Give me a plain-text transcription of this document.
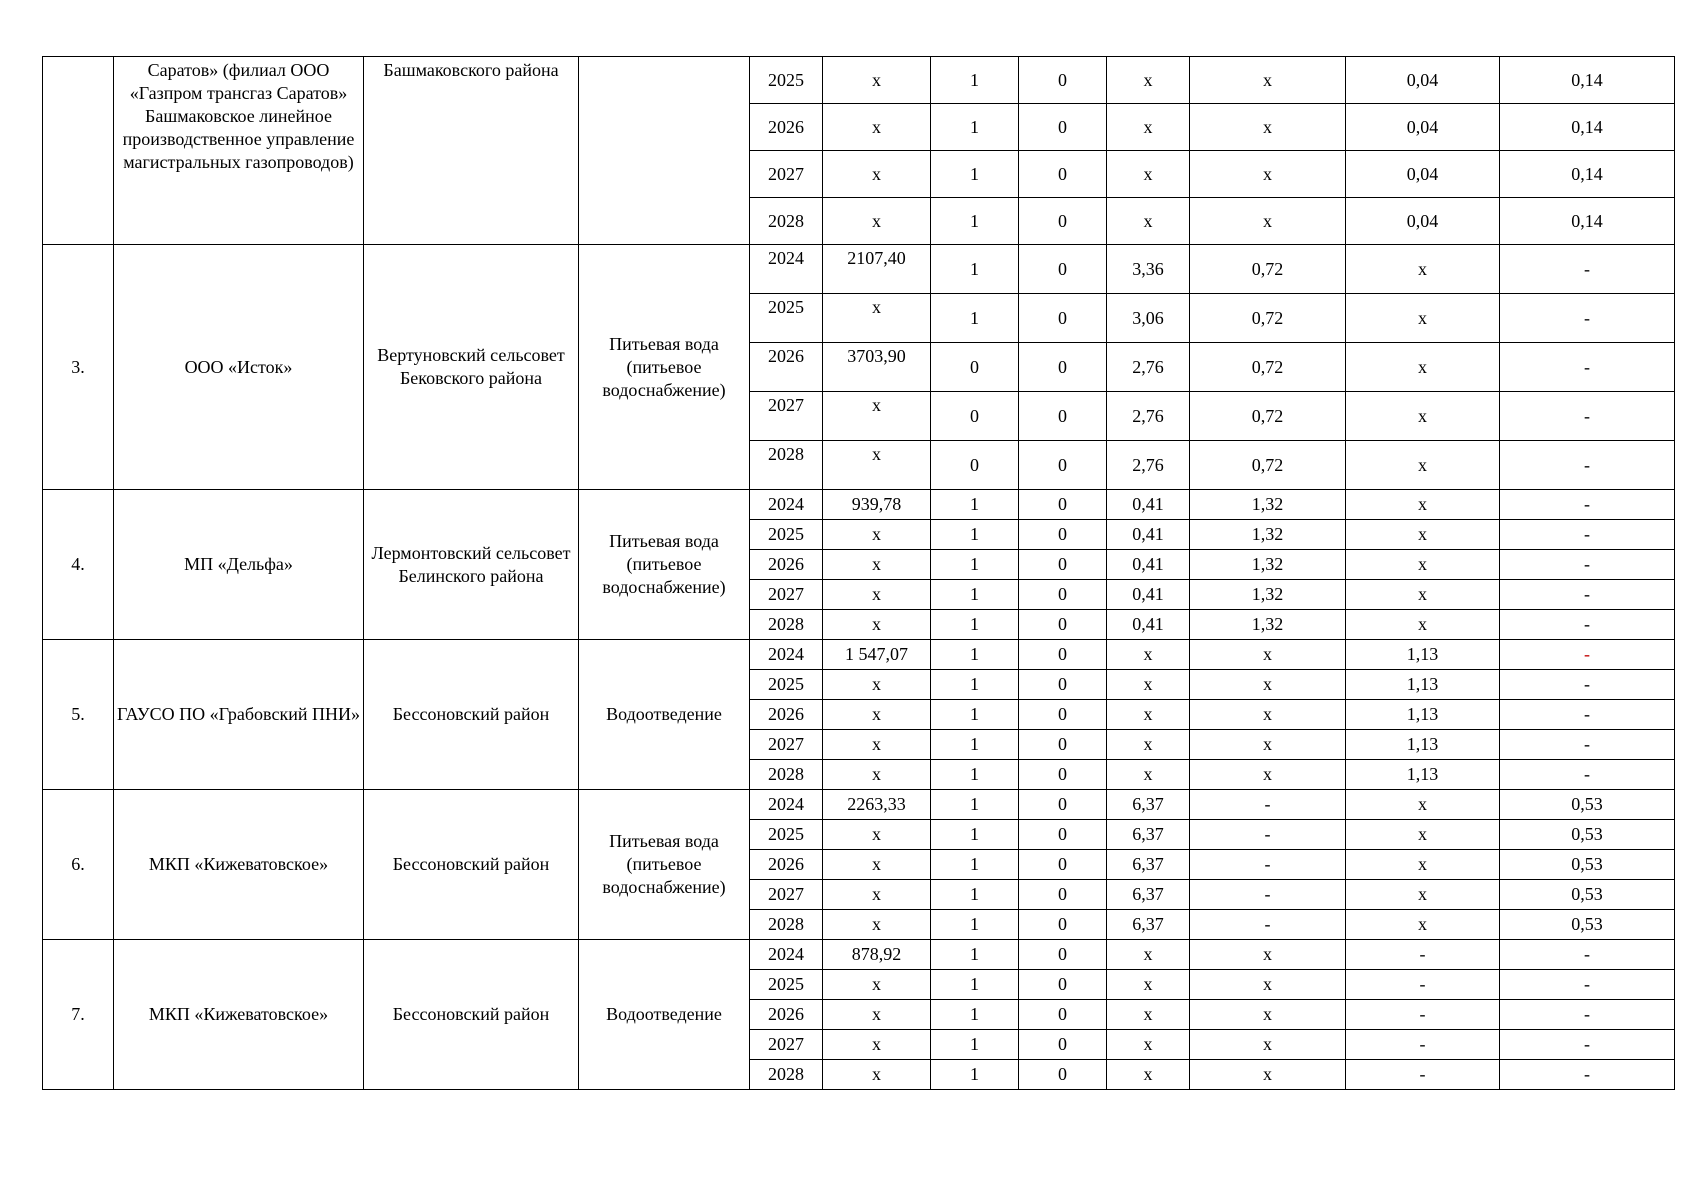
	Саратов» (филиал ООО «Газпром трансгаз Саратов» Башмаковское линейное производственное управление магистральных газопроводов)	Башмаковского района		2025	x	1	0	x	x	0,04	0,14
				2026	x	1	0	x	x	0,04	0,14
				2027	x	1	0	x	x	0,04	0,14
				2028	x	1	0	x	x	0,04	0,14
3.	ООО «Исток»	Вертуновский сельсовет Бековского района	Питьевая вода (питьевое водоснабжение)	2024	2107,40	1	0	3,36	0,72	x	-
				2025	x	1	0	3,06	0,72	x	-
				2026	3703,90	0	0	2,76	0,72	x	-
				2027	x	0	0	2,76	0,72	x	-
				2028	x	0	0	2,76	0,72	x	-
4.	МП «Дельфа»	Лермонтовский сельсовет Белинского района	Питьевая вода (питьевое водоснабжение)	2024	939,78	1	0	0,41	1,32	x	-
				2025	x	1	0	0,41	1,32	x	-
				2026	x	1	0	0,41	1,32	x	-
				2027	x	1	0	0,41	1,32	x	-
				2028	x	1	0	0,41	1,32	x	-
5.	ГАУСО ПО «Грабовский ПНИ»	Бессоновский район	Водоотведение	2024	1 547,07	1	0	x	x	1,13	-
				2025	x	1	0	x	x	1,13	-
				2026	x	1	0	x	x	1,13	-
				2027	x	1	0	x	x	1,13	-
				2028	x	1	0	x	x	1,13	-
6.	МКП «Кижеватовское»	Бессоновский район	Питьевая вода (питьевое водоснабжение)	2024	2263,33	1	0	6,37	-	x	0,53
				2025	x	1	0	6,37	-	x	0,53
				2026	x	1	0	6,37	-	x	0,53
				2027	x	1	0	6,37	-	x	0,53
				2028	x	1	0	6,37	-	x	0,53
7.	МКП «Кижеватовское»	Бессоновский район	Водоотведение	2024	878,92	1	0	x	x	-	-
				2025	x	1	0	x	x	-	-
				2026	x	1	0	x	x	-	-
				2027	x	1	0	x	x	-	-
				2028	x	1	0	x	x	-	-
